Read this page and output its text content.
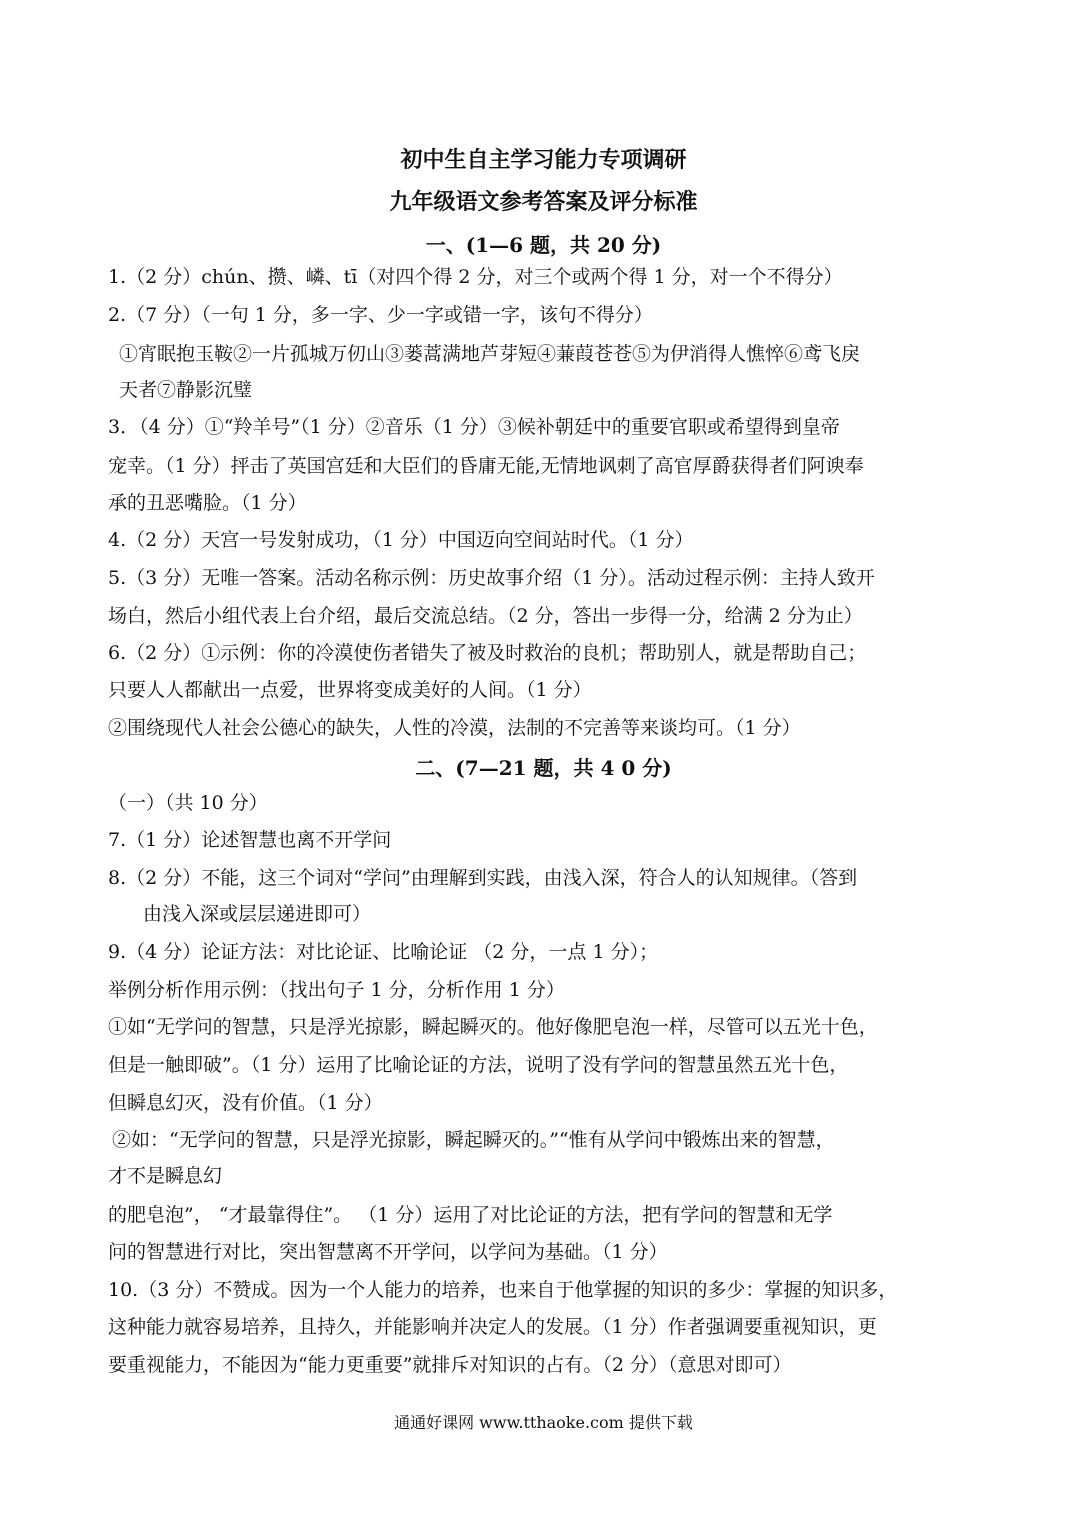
初中生自主学习能力专项调研
九年级语文参考答案及评分标准
一、(1—6 题，共 20 分)
1.（2 分）chún、攒、嶙、tī（对四个得 2 分，对三个或两个得 1 分，对一个不得分）
2.（7 分）（一句 1 分，多一字、少一字或错一字，该句不得分）
①宵眠抱玉鞍②一片孤城万仞山③蒌蒿满地芦芽短④蒹葭苍苍⑤为伊消得人憔悴⑥鸢飞戾
天者⑦静影沉璧
3．（4 分）①“羚羊号”（1 分）②音乐（1 分）③候补朝廷中的重要官职或希望得到皇帝
宠幸。（1 分）抨击了英国宫廷和大臣们的昏庸无能,无情地讽刺了高官厚爵获得者们阿谀奉
承的丑恶嘴脸。（1 分）
4.（2 分）天宫一号发射成功，（1 分）中国迈向空间站时代。（1 分）
5.（3 分）无唯一答案。活动名称示例：历史故事介绍（1 分）。活动过程示例：主持人致开
场白，然后小组代表上台介绍，最后交流总结。（2 分，答出一步得一分，给满 2 分为止）
6.（2 分）①示例：你的冷漠使伤者错失了被及时救治的良机；帮助别人，就是帮助自己；
只要人人都献出一点爱，世界将变成美好的人间。（1 分）
②围绕现代人社会公德心的缺失，人性的冷漠，法制的不完善等来谈均可。（1 分）
二、(7—21 题，共 4 0 分)
（一）（共 10 分）
7.（1 分）论述智慧也离不开学问
8.（2 分）不能，这三个词对“学问”由理解到实践，由浅入深，符合人的认知规律。（答到
由浅入深或层层递进即可）
9.（4 分）论证方法：对比论证、比喻论证 （2 分，一点 1 分）；
举例分析作用示例：（找出句子 1 分，分析作用 1 分）
①如“无学问的智慧，只是浮光掠影，瞬起瞬灭的。他好像肥皂泡一样，尽管可以五光十色，
但是一触即破”。（1 分）运用了比喻论证的方法，说明了没有学问的智慧虽然五光十色，
但瞬息幻灭，没有价值。（1 分）
②如：“无学问的智慧，只是浮光掠影，瞬起瞬灭的。”“惟有从学问中锻炼出来的智慧，
才不是瞬息幻
的肥皂泡”， “才最靠得住”。 （1 分）运用了对比论证的方法，把有学问的智慧和无学
问的智慧进行对比，突出智慧离不开学问，以学问为基础。（1 分）
10.（3 分）不赞成。因为一个人能力的培养，也来自于他掌握的知识的多少：掌握的知识多，
这种能力就容易培养，且持久，并能影响并决定人的发展。（1 分）作者强调要重视知识，更
要重视能力，不能因为“能力更重要”就排斥对知识的占有。（2 分）（意思对即可）
通通好课网 www.tthaoke.com 提供下载
